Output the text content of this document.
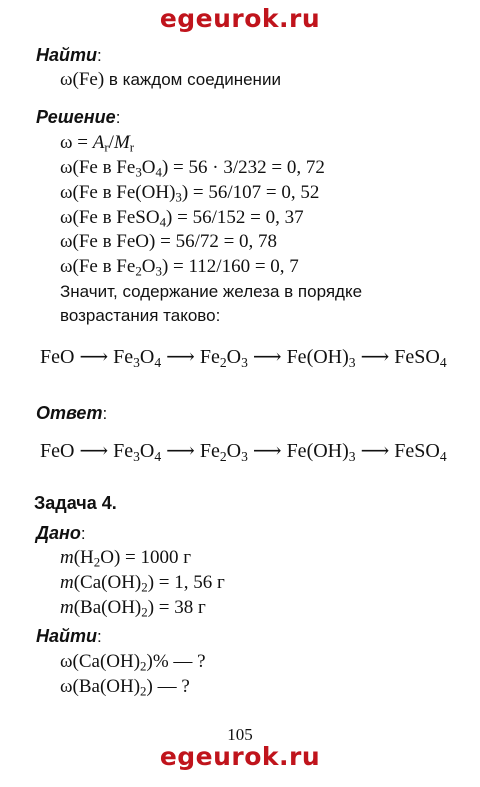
egeurok.ru
Найти:
ω(Fe) в каждом соединении
Решение:
$\omega = A_r/M_r$
ω(Fe в $Fe_3O_4) = 56 \cdot 3/232 = 0$, 72
ω(Fe в $Fe(OH)_3) = 56/107 = 0$, 52
ω(Fe в FeSO$_4$) = 56/152 = 0, 37
ω(Fe в FeO) = 56/72 = 0, 78
ω(Fe в $Fe_2O_3) = 112/160 = 0$, 7
Значит, содержание железа в порядке
возрастания таково:
FeO ⟶ $Fe_3O_4$ ⟶ $Fe_2O_3$ ⟶ $Fe(OH)_3$ ⟶ FeSO$_4$
Ответ:
FeO ⟶ $Fe_3O_4$ ⟶ $Fe_2O_3$ ⟶ $Fe(OH)_3$ ⟶ FeSO$_4$
Задача 4.
Дано:
$m(H_2O) = 1000$ г
$m(Ca(OH)_2) = 1$, 56 г
$m(Ba(OH)_2) = 38$ г
Найти:
$\omega(Ca(OH)_2)\%$ — ?
$\omega(Ba(OH)_2)$ — ?
105
egeurok.ru
